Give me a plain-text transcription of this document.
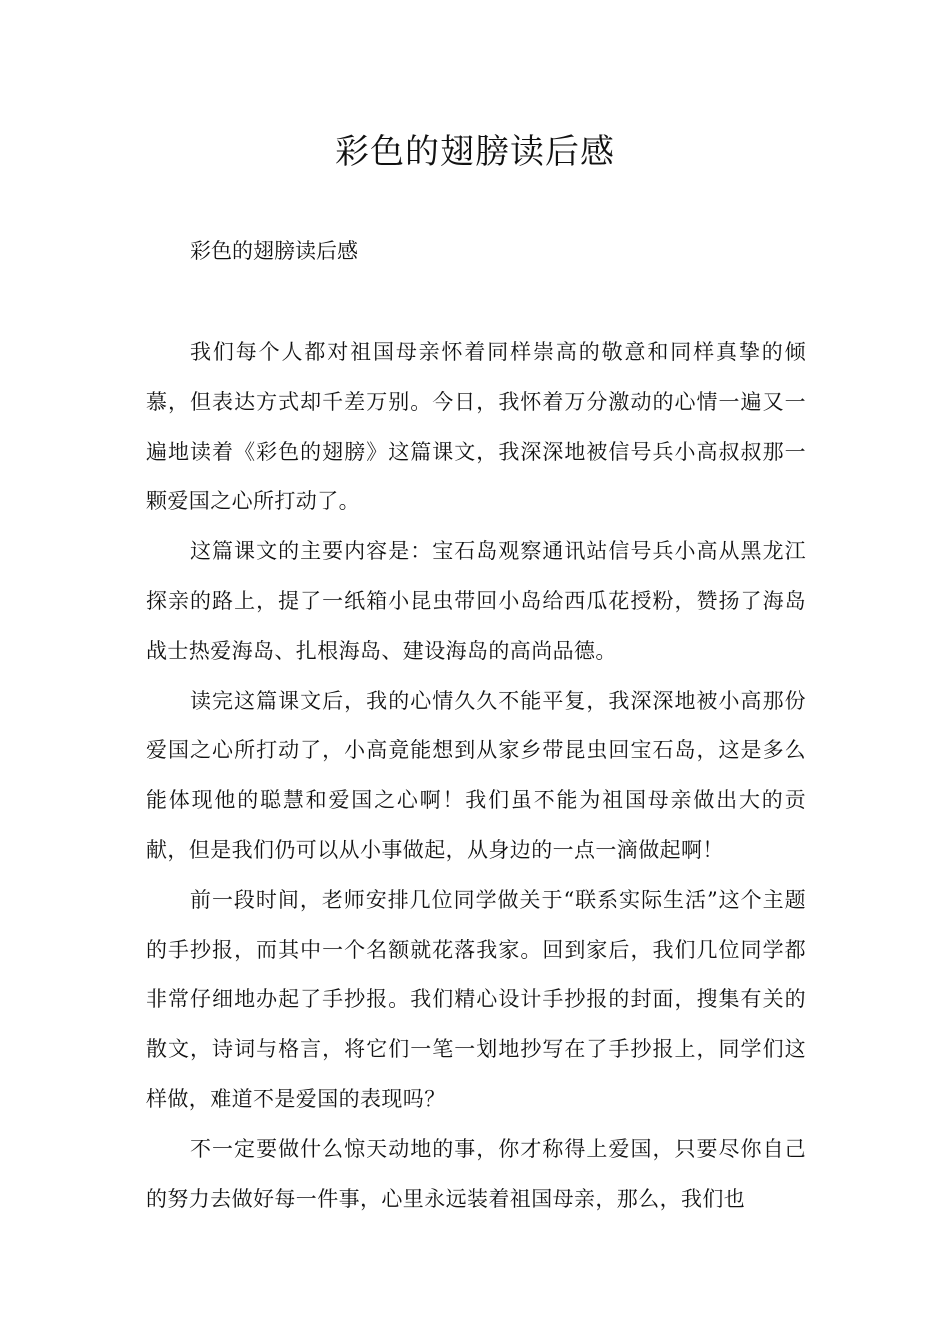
彩色的翅膀读后感

彩色的翅膀读后感

我们每个人都对祖国母亲怀着同样崇高的敬意和同样真挚的倾慕，但表达方式却千差万别。今日，我怀着万分激动的心情一遍又一遍地读着《彩色的翅膀》这篇课文，我深深地被信号兵小高叔叔那一颗爱国之心所打动了。

这篇课文的主要内容是：宝石岛观察通讯站信号兵小高从黑龙江探亲的路上，提了一纸箱小昆虫带回小岛给西瓜花授粉，赞扬了海岛战士热爱海岛、扎根海岛、建设海岛的高尚品德。

读完这篇课文后，我的心情久久不能平复，我深深地被小高那份爱国之心所打动了，小高竟能想到从家乡带昆虫回宝石岛，这是多么能体现他的聪慧和爱国之心啊！我们虽不能为祖国母亲做出大的贡献，但是我们仍可以从小事做起，从身边的一点一滴做起啊！

前一段时间，老师安排几位同学做关于“联系实际生活”这个主题的手抄报，而其中一个名额就花落我家。回到家后，我们几位同学都非常仔细地办起了手抄报。我们精心设计手抄报的封面，搜集有关的散文，诗词与格言，将它们一笔一划地抄写在了手抄报上，同学们这样做，难道不是爱国的表现吗？

不一定要做什么惊天动地的事，你才称得上爱国，只要尽你自己的努力去做好每一件事，心里永远装着祖国母亲，那么，我们也
